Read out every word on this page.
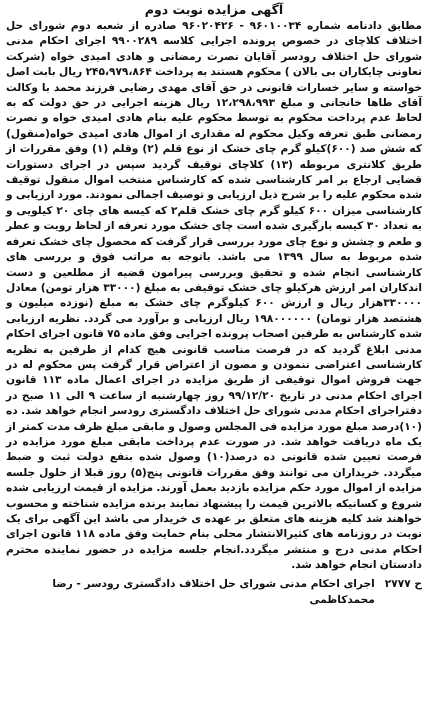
آگهی مزایده نوبت دوم

مطابق دادنامه شماره ۹۶۰۱۰۰۳۴ - ۹۶۰۲۰۴۲۶ صادره از شعبه دوم شورای حل اختلاف کلاچای در خصوص پرونده اجرایی کلاسه ۹۹۰۰۲۸۹ اجرای احکام مدنی شورای حل اختلاف رودسر آقایان نصرت رمضانی و هادی امیدی خواه (شرکت تعاونی چایکاران بی بالان ) محکوم هستند به پرداخت ۲۴۵،۹۷۹،۸۶۴ ریال بابت اصل خواسته و سایر خسارات قانونی در حق آقای مهدی رضایی فرزند محمد با وکالت آقای طاها خانجانی و مبلغ ۱۲،۲۹۸،۹۹۳ ریال هزینه اجرایی در حق دولت که به لحاظ عدم پرداخت محکوم به توسط محکوم علیه بنام هادی امیدی خواه و نصرت رمضانی طبق تعرفه وکیل محکوم له مقداری از اموال هادی امیدی خواه(منقول) که شش صد (۶۰۰)کیلو گرم چای خشک از نوع قلم (۲) وقلم (۱) وفق مقررات از طریق کلانتری مربوطه (۱۳) کلاچای توقیف گردید سپس در اجرای دستورات قضایی ارجاع بر امر کارشناسی شده که کارشناس منتخب اموال منقول توقیف شده محکوم علیه را بر شرح ذیل ارزیابی و توصیف اجمالی نمودند. مورد ارزیابی و کارشناسی میزان ۶۰۰ کیلو گرم چای خشک قلم۲ که کیسه های چای ۲۰ کیلویی و به تعداد ۳۰ کیسه بارگیری شده است چای خشک مورد تعرفه از لحاظ رویت و عطر و طعم و چشش و نوع چای مورد بررسی قرار گرفت که محصول چای خشک تعرفه شده مربوط به سال ۱۳۹۹ می باشد. باتوجه به مراتب فوق و بررسی های کارشناسی انجام شده و تحقیق وبررسی پیرامون قضیه از مطلعین و دست اندکاران امر ارزش هرکیلو چای خشک توقیفی به مبلغ (۳۳۰۰۰ هزار تومن) معادل ۳۳۰۰۰۰هزار ریال و ارزش ۶۰۰ کیلوگرم چای خشک به مبلغ (نوزده میلیون و هشتصد هزار تومان) ۱۹۸۰۰۰۰۰۰ ریال ارزیابی و برآورد می گردد. نظریه ارزیابی شده کارشناس به طرفین اصحاب پرونده اجرایی وفق ماده ۷۵ قانون اجرای احکام مدنی ابلاغ گردید که در فرصت مناسب قانونی هیچ کدام از طرفین به نظریه کارشناسی اعتراضی ننمودن و مصون از اعتراض قرار گرفت پس محکوم له در جهت فروش اموال توقیفی از طریق مزایده در اجرای اعمال ماده ۱۱۳ قانون اجرای احکام مدنی در تاریخ ۹۹/۱۲/۲۰ روز چهارشنبه از ساعت ۹ الی ۱۱ صبح در دفتراجرای احکام مدنی شورای حل اختلاف دادگستری رودسر انجام خواهد شد. ده (۱۰)درصد مبلغ مورد مزایده فی المجلس وصول و مابقی مبلغ ظرف مدت کمتر از یک ماه دریافت خواهد شد. در صورت عدم پرداخت مابقی مبلغ مورد مزایده در فرصت تعیین شده قانونی ده درصد(۱۰) وصول شده بنفع دولت ثبت و ضبط میگردد. خریداران می توانند وفق مقررات قانونی پنج(۵) روز قبلا از حلول جلسه مزایده از اموال مورد حکم مزایده بازدید بعمل آورند. مزایده از قیمت ارزیابی شده شروع و کسانیکه بالاترین قیمت را پیشنهاد نمایند برنده مزایده شناخته و محسوب خواهند شد کلیه هزینه های متعلق بر عهده ی خریدار می باشد این آگهی برای یک نوبت در روزنامه های کثیرالانتشار محلی بنام حمایت وفق ماده ۱۱۸ قانون اجرای احکام مدنی درج و منتشر میگردد.انجام جلسه مزایده در حضور نماینده محترم دادستان انجام خواهد شد.

ح ۲۷۷۷
اجرای احکام مدنی شورای حل اختلاف دادگستری رودسر - رضا محمدکاظمی
